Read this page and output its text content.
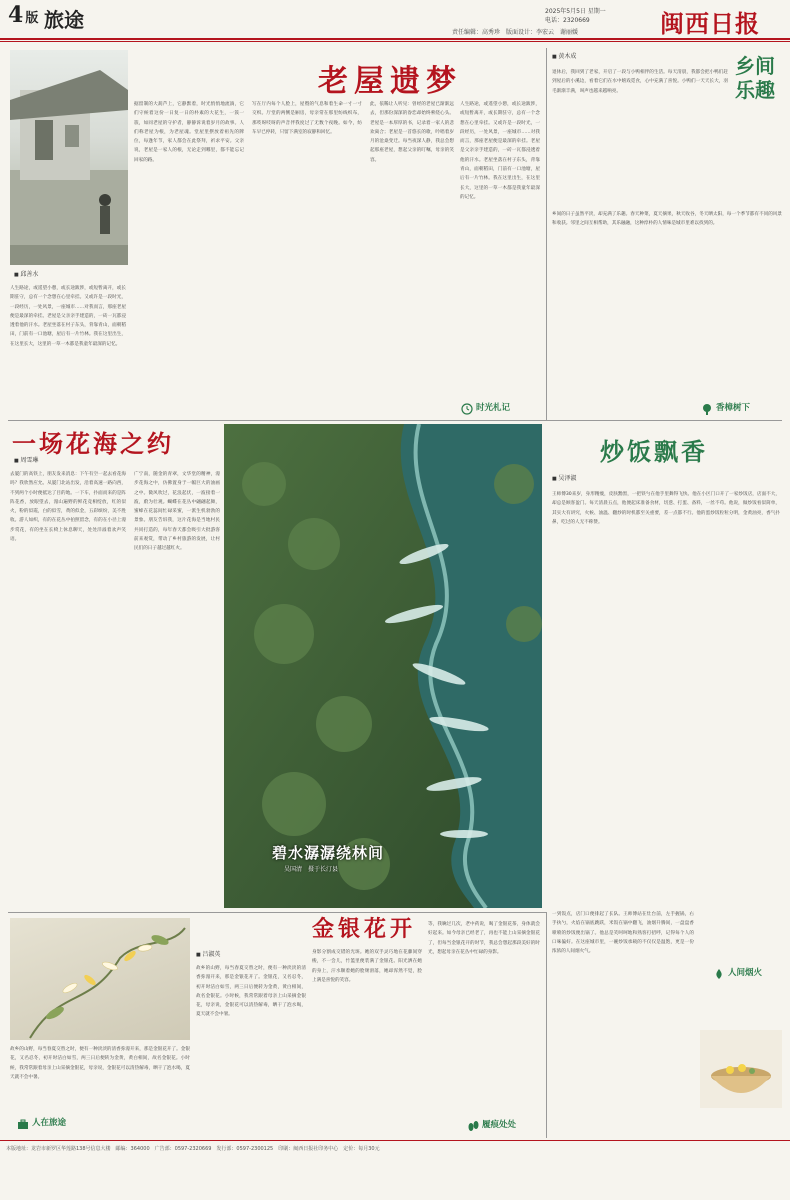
4 版 旅途	2025年5月5日 星期一
电话：2320669
责任编辑：高秀珍　版面设计：李宏云　谢丽媛	闽西日报
■ 邱善水
人生路途，或遥望小憩，或长途跋涉，或短暂离开，或长期驻守，总有一个念想在心里牵挂。又或许是一段时光，一段经历，一处风景，一座城市……对我而言，那座老屋便是最深的牵挂。老屋是父亲亲手建造的，一砖一瓦都浸透着他的汗水。老屋坐落在村子东头，背靠青山，面朝稻田，门前有一口池塘，屋后有一片竹林。我在这里出生，在这里长大，这里的一草一木都是我童年最深的记忆。
老屋遗梦
据留制的大葫芦上，它静默着，时光悄悄地流淌，它们守候着这份一日复一日的朴素的大花生，一簇一簇，如同老屋的守护者，静静诉说着岁月的故事。人们称老屋为根，为老屋魂。堂屋里摆放着祖先的牌位，每逢年节，家人都会在此祭拜，祈求平安。父亲说，老屋是一家人的根，无论走到哪里，都不能忘记回家的路。
写在厅内每个人脸上，屋暨的气息和着生命一寸一寸交织。厅堂的两侧是厢房，母亲常在那里纺线织布，那吱呀吱呀的声音伴我度过了无数个夜晚。如今，纺车早已停转，只留下满室的寂静和回忆。
此，依稀让人听见：曾经的老屋已渐渐远去，但那份深深的眷恋却始终萦绕心头。老屋是一本厚厚的书，记录着一家人的悲欢离合；老屋是一首悠长的歌，吟唱着岁月的沧桑变迁。每当夜深人静，我总会想起那座老屋，想起父亲的叮嘱，母亲的笑容。
人生路途，或遥望小憩，或长途跋涉，或短暂离开，或长期驻守，总有一个念想在心里牵挂。又或许是一段时光，一段经历，一处风景，一座城市……对我而言，那座老屋便是最深的牵挂。老屋是父亲亲手建造的，一砖一瓦都浸透着他的汗水。老屋坐落在村子东头，背靠青山，面朝稻田，门前有一口池塘，屋后有一片竹林。我在这里出生，在这里长大，这里的一草一木都是我童年最深的记忆。
时光札记
■ 黄木成	乡间乐趣
退休后，我回到了老家，开启了一段与小鸭相伴的生活。每天清晨，我都会把小鸭们赶到屋后的小溪边，看着它们在水中嬉戏觅食，心中充满了喜悦。小鸭们一天天长大，羽毛渐渐丰满，叫声也越来越响亮。
乡间的日子虽然平淡，却充满了乐趣。春天种菜，夏天摘果，秋天收谷，冬天晒太阳，每一个季节都有不同的风景和收获。邻里之间互相帮助，其乐融融，这种淳朴的人情味是城市里难以找到的。
香樟树下
一场花海之约
■ 周雪琳
去厦门的高铁上，朋友发来消息：下午有空一起去看花海吗？我欣然应允。从厦门北站出发，沿着高速一路向西，不到两个小时便抵达了目的地。一下车，扑面而来的是阵阵花香，放眼望去，漫山遍野的鲜花竞相绽放，红的似火，粉的似霞，白的似雪，黄的似金，五彩缤纷，美不胜收。游人如织，有的在花丛中拍照留念，有的在小径上漫步赏花，有的坐在长椅上休息聊天，处处洋溢着欢声笑语。
广宁南，随金的青翠，文华堂的精神，漫步花海之中，仿佛置身于一幅巨大的油画之中。微风吹过，花浪起伏，一波接着一波，蔚为壮观。蝴蝶在花丛中翩翩起舞，蜜蜂在花蕊间忙碌采蜜，一派生机勃勃的景象。朋友告诉我，这片花海是当地村民共同打造的，每年春天都会吸引大批游客前来观赏，带动了乡村旅游的发展，让村民们的日子越过越红火。
碧水潺潺绕林间
吴国清　摄于长汀县
炒饭飘香
■ 吴泽淑
王师傅30来岁，身形精瘦，皮肤黝黑，一把铁勺在他手里舞得飞快。他在小区门口开了一家炒饭店，店面不大，却总是顾客盈门。每天清晨五点，他便起床准备食材，切葱、打蛋、备料，一丝不苟。他说，做炒饭看似简单，其实大有讲究，火候、油温、翻炒的时机都至关重要，差一点都不行。他的蛋炒饭粒粒分明，金黄油亮，香气扑鼻，吃过的人无不称赞。
一到饭点，店门口便排起了长队。王师傅站在灶台前，左手握锅，右手执勺，火焰在锅底跳跃，米饭在锅中翻飞，油烟升腾间，一盘盘香喷喷的炒饭便出锅了。他总是笑呵呵地和熟客打招呼，记得每个人的口味偏好。在这座城市里，一碗炒饭承载的不仅仅是温饱，更是一份浓浓的人间烟火气。
人间烟火
金银花开
■ 吕淑英
故乡的山野，每当春夏交替之时，便有一种淡淡的清香弥漫开来，那是金银花开了。金银花，又名忍冬，初开时洁白如雪，两三日后便转为金黄，黄白相间，故名金银花。小时候，我常常跟着母亲上山采摘金银花，母亲说，金银花可以清热解毒，晒干了泡水喝，夏天就不会中暑。
人在旅途
故乡的山野，每当春夏交替之时，便有一种淡淡的清香弥漫开来，那是金银花开了。金银花，又名忍冬，初开时洁白如雪，两三日后便转为金黄，黄白相间，故名金银花。小时候，我常常跟着母亲上山采摘金银花，母亲说，金银花可以清热解毒，晒干了泡水喝，夏天就不会中暑。
身影分割成交错的光斑。她的双手灵巧地在花藤间穿梭，不一会儿，竹篮里便装满了金银花。阳光洒在她的身上，汗水顺着她的脸颊滑落，她却浑然不觉，脸上满是喜悦的笑容。
等，我噙过几次，老中药说，喝了金银花茶，身体就会好起来。如今母亲已经老了，再也不能上山采摘金银花了，但每当金银花开的时节，我总会想起那段美好的时光，想起母亲在花丛中忙碌的身影。
履痕处处
本版地址：龙岩市新罗区华莲路138号信息大楼　邮编：364000　广告部：0597-2320669　发行部：0597-2300125　印刷：闽西日报社印务中心　定价：每月30元
